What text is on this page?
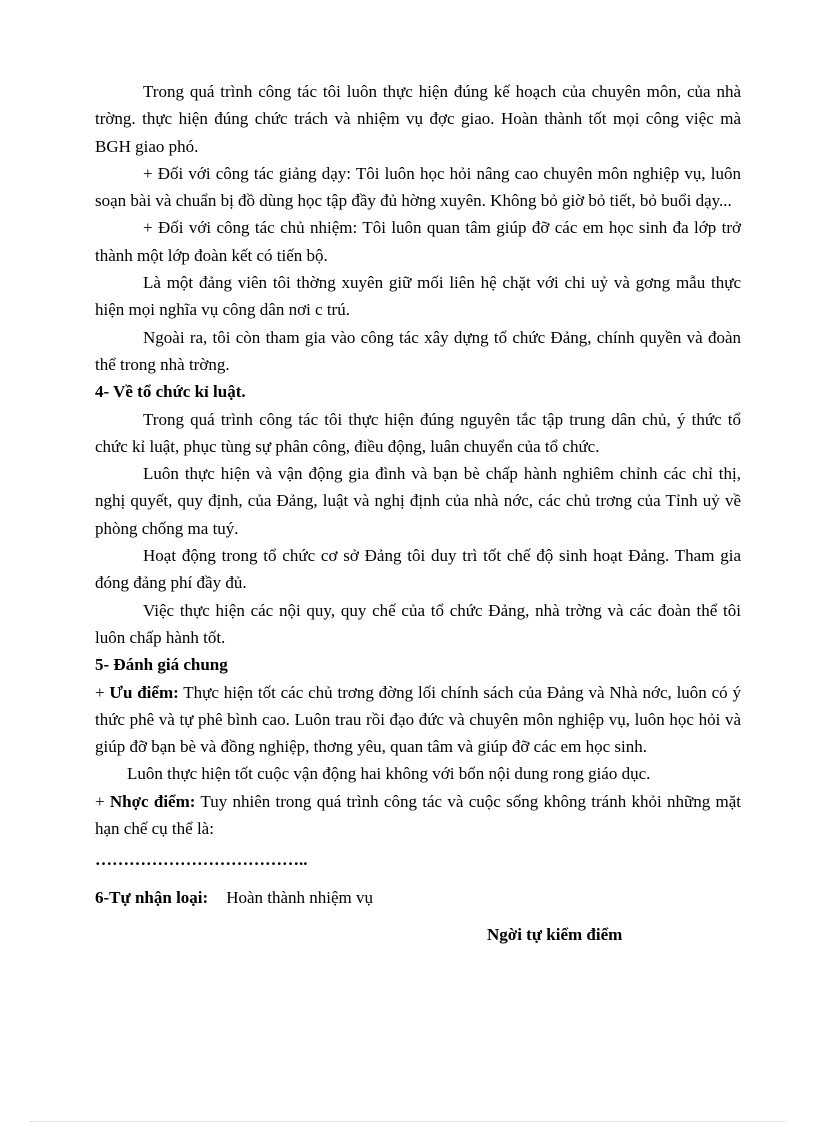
Trong quá trình công tác tôi luôn thực hiện đúng kế hoạch của chuyên môn, của nhà trờng. thực hiện đúng chức trách và nhiệm vụ đợc giao. Hoàn thành tốt mọi công việc mà BGH giao phó.

+ Đối với công tác giảng dạy: Tôi luôn học hỏi nâng cao chuyên môn nghiệp vụ, luôn soạn bài và chuẩn bị đồ dùng học tập đầy đủ hờng xuyên. Không bỏ giờ bỏ tiết, bỏ buổi dạy...

+ Đối với công tác chủ nhiệm: Tôi luôn quan tâm giúp đỡ các em học sinh đa lớp trở thành một lớp đoàn kết có tiến bộ.

Là một đảng viên tôi thờng xuyên giữ mối liên hệ chặt với chi uỷ và gơng mẫu thực hiện mọi nghĩa vụ công dân nơi c trú.

Ngoài ra, tôi còn tham gia vào công tác xây dựng tổ chức Đảng, chính quyền và đoàn thể trong nhà trờng.

4- Về tổ chức kỉ luật.

Trong quá trình công tác tôi thực hiện đúng nguyên tắc tập trung dân chủ, ý thức tổ chức kỉ luật, phục tùng sự phân công, điều động, luân chuyển của tổ chức.

Luôn thực hiện và vận động gia đình và bạn bè chấp hành nghiêm chỉnh các chỉ thị, nghị quyết, quy định, của Đảng, luật và nghị định của nhà nớc, các chủ trơng của Tỉnh uỷ về phòng chống ma tuý.

Hoạt động trong tổ chức cơ sở Đảng tôi duy trì tốt chế độ sinh hoạt Đảng. Tham gia đóng đảng phí đầy đủ.

Việc thực hiện các nội quy, quy chế của tổ chức Đảng, nhà trờng và các đoàn thể tôi luôn chấp hành tốt.

5- Đánh giá chung

+ Ưu điểm: Thực hiện tốt các chủ trơng đờng lối chính sách của Đảng và Nhà nớc, luôn có ý thức phê và tự phê bình cao. Luôn trau rồi đạo đức và chuyên môn nghiệp vụ, luôn học hỏi và giúp đỡ bạn bè và đồng nghiệp, thơng yêu, quan tâm và giúp đỡ các em học sinh.

Luôn thực hiện tốt cuộc vận động hai không với bốn nội dung rong giáo dục.

+ Nhợc điểm: Tuy nhiên trong quá trình công tác và cuộc sống không tránh khỏi những mặt hạn chế cụ thể là:

………………………………..

6-Tự nhận loại: Hoàn thành nhiệm vụ

Ngời tự kiểm điểm
